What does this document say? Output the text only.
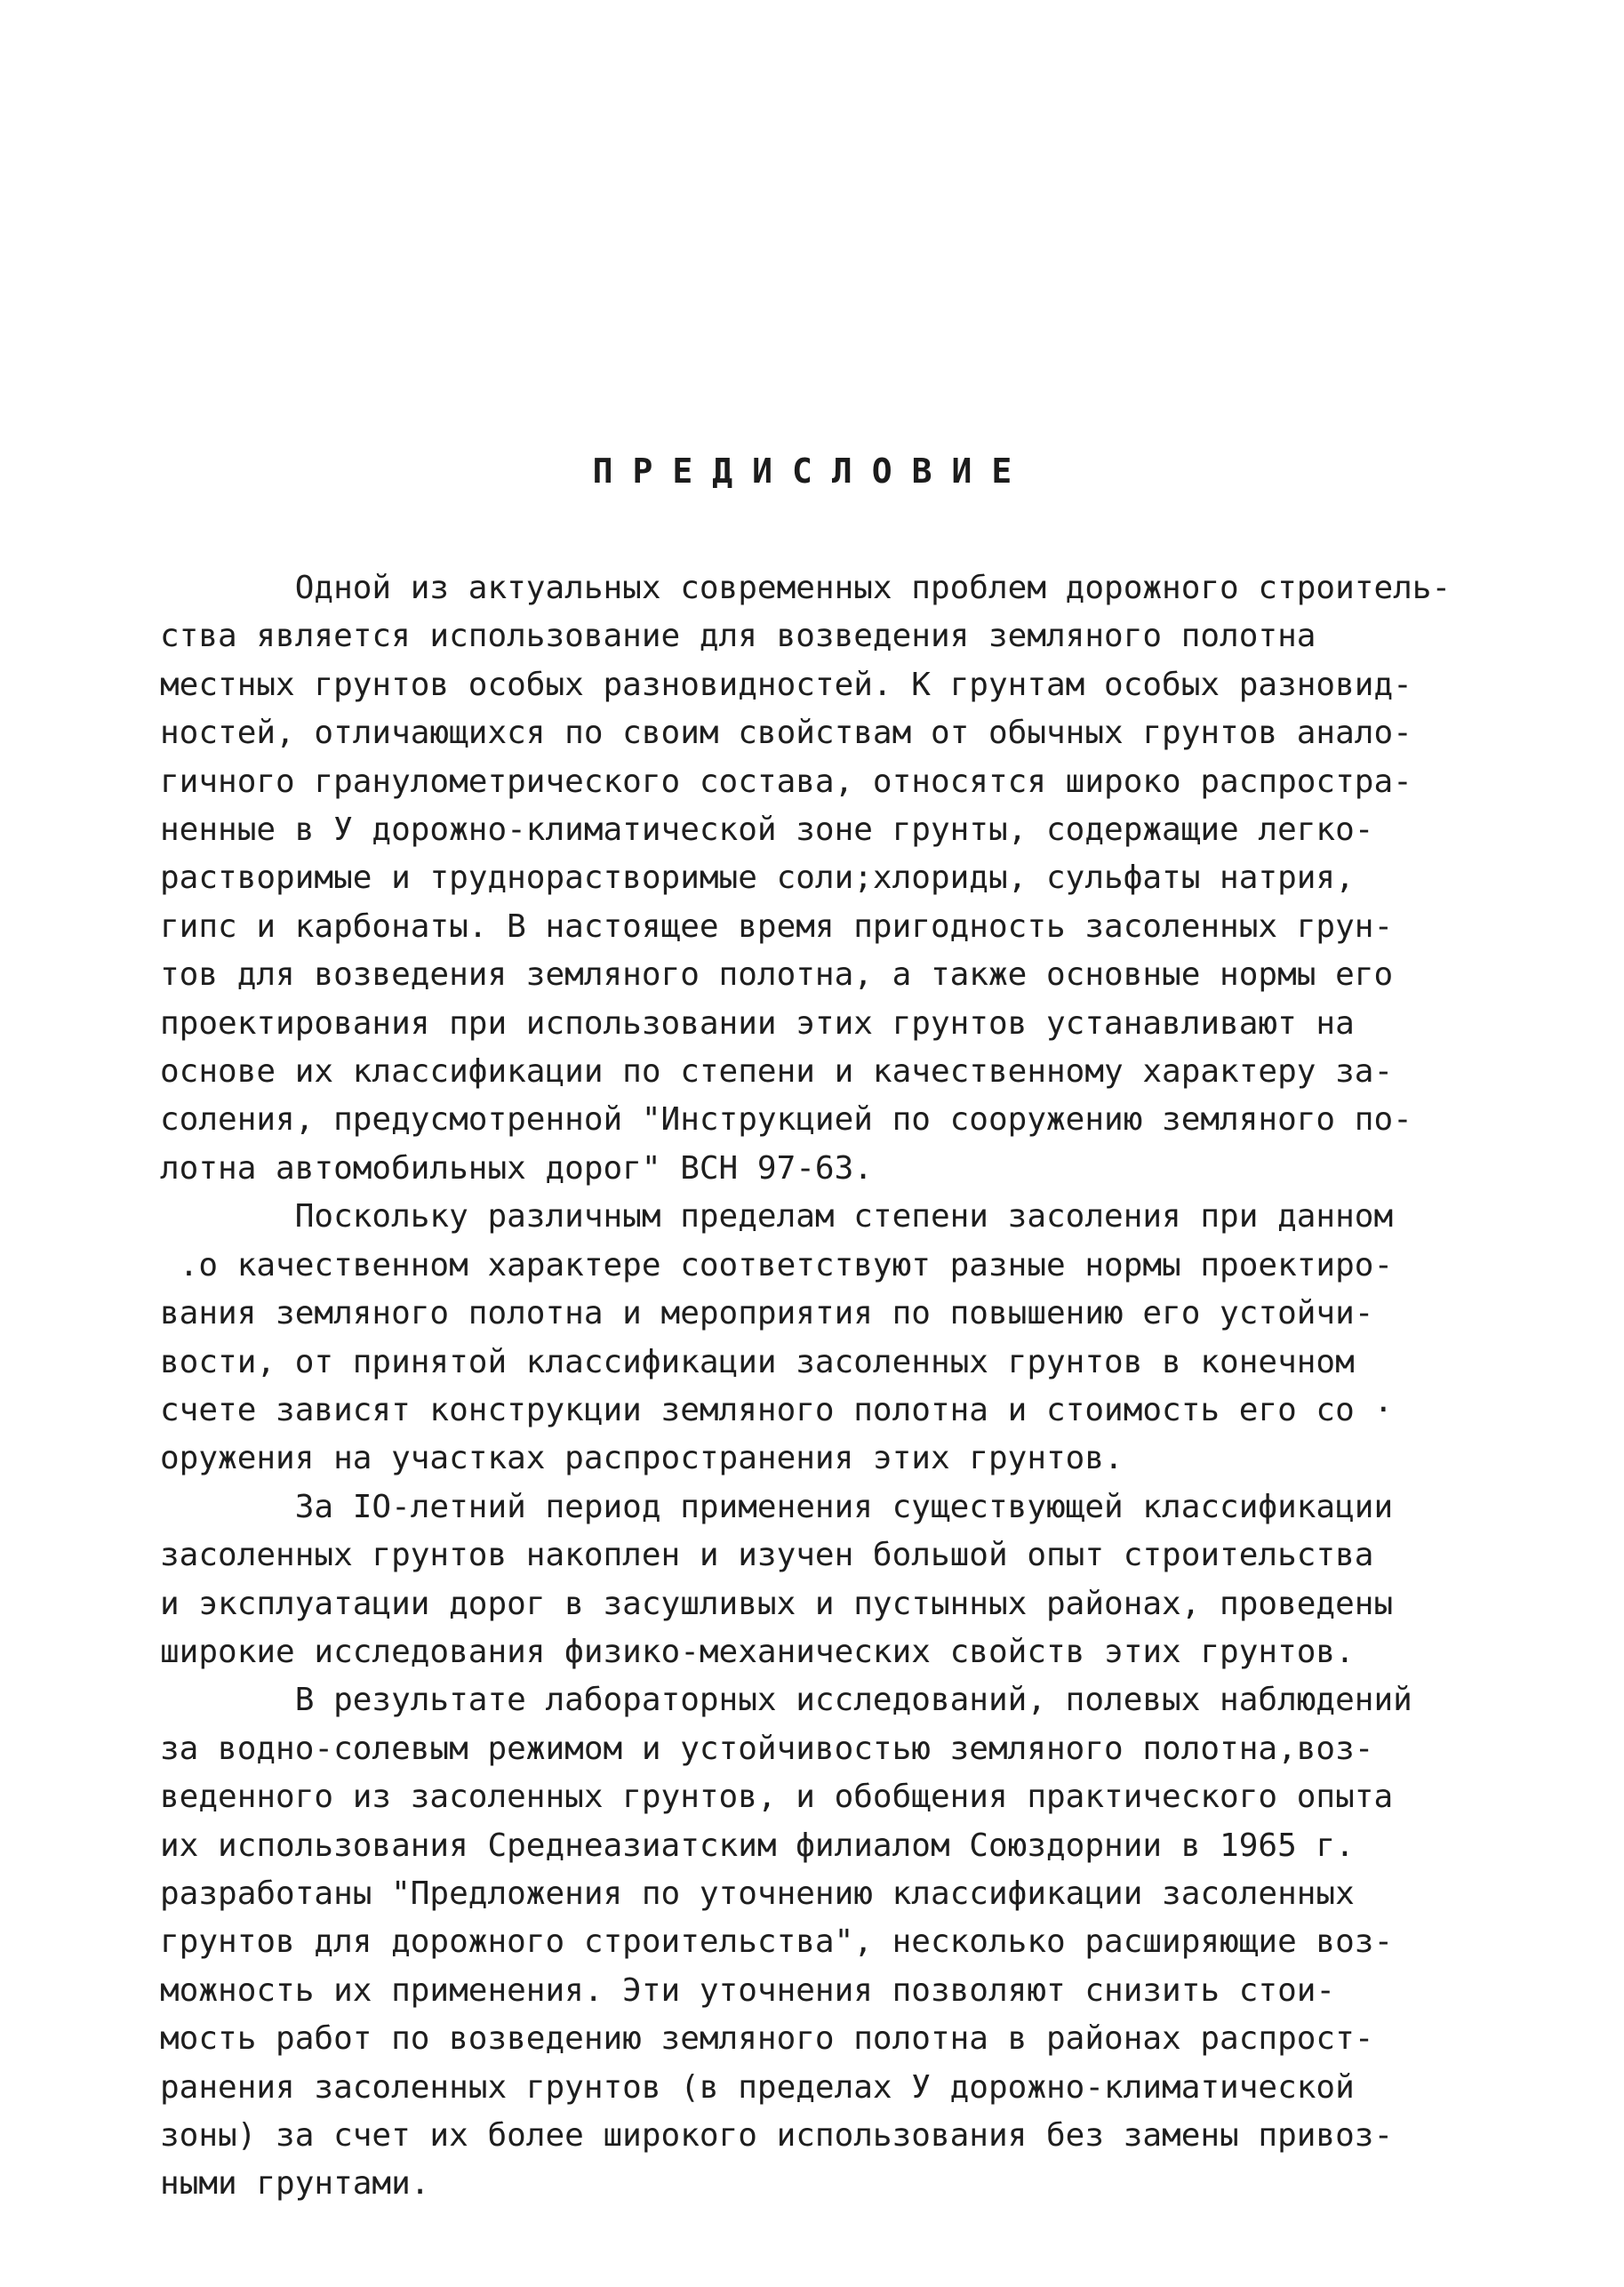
ПРЕДИСЛОВИЕ

Одной из актуальных современных проблем дорожного строитель-
ства является использование для возведения земляного полотна
местных грунтов особых разновидностей. К грунтам особых разновид-
ностей, отличающихся по своим свойствам от обычных грунтов анало-
гичного гранулометрического состава, относятся широко распростра-
ненные в У дорожно-климатической зоне грунты, содержащие легко-
растворимые и труднорастворимые соли;хлориды, сульфаты натрия,
гипс и карбонаты. В настоящее время пригодность засоленных грун-
тов для возведения земляного полотна, а также основные нормы его
проектирования при использовании этих грунтов устанавливают на
основе их классификации по степени и качественному характеру за-
соления, предусмотренной "Инструкцией по сооружению земляного по-
лотна автомобильных дорог" ВСН 97-63.

Поскольку различным пределам степени засоления при данном
.о качественном характере соответствуют разные нормы проектиро-
вания земляного полотна и мероприятия по повышению его устойчи-
вости, от принятой классификации засоленных грунтов в конечном
счете зависят конструкции земляного полотна и стоимость его со ·
оружения на участках распространения этих грунтов.

За IO-летний период применения существующей классификации
засоленных грунтов накоплен и изучен большой опыт строительства
и эксплуатации дорог в засушливых и пустынных районах, проведены
широкие исследования физико-механических свойств этих грунтов.

В результате лабораторных исследований, полевых наблюдений
за водно-солевым режимом и устойчивостью земляного полотна,воз-
веденного из засоленных грунтов, и обобщения практического опыта
их использования Среднеазиатским филиалом Союздорнии в 1965 г.
разработаны "Предложения по уточнению классификации засоленных
грунтов для дорожного строительства", несколько расширяющие воз-
можность их применения. Эти уточнения позволяют снизить стои-
мость работ по возведению земляного полотна в районах распрост-
ранения засоленных грунтов (в пределах У дорожно-климатической
зоны) за счет их более широкого использования без замены привоз-
ными грунтами.
